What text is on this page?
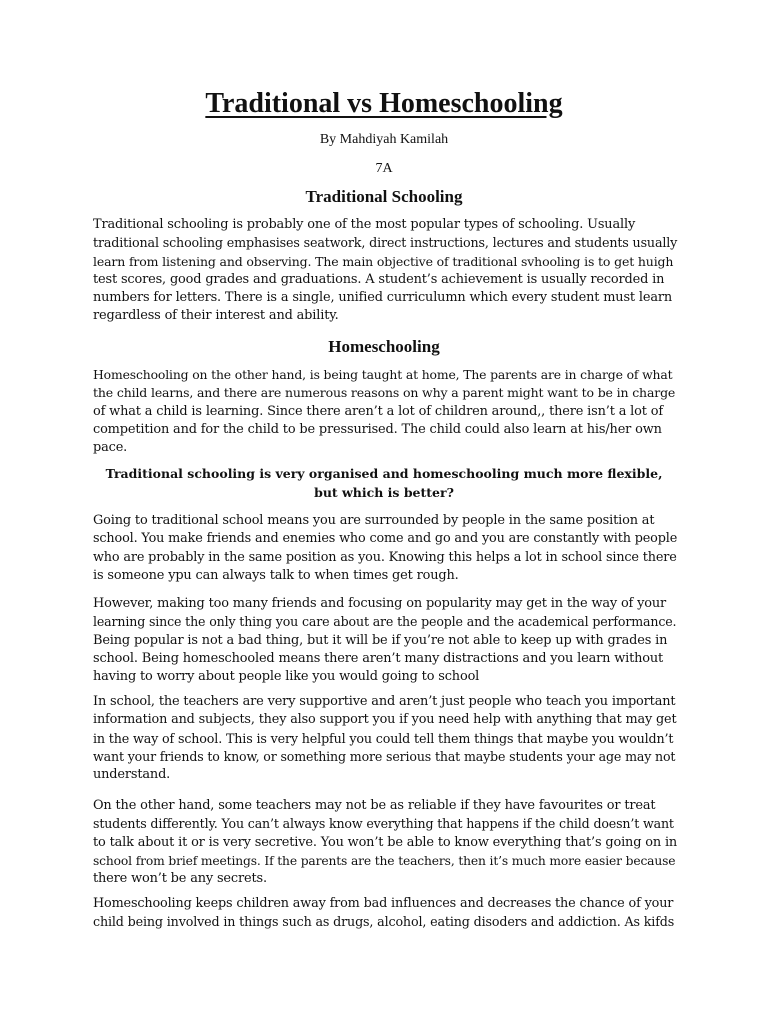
Traditional vs Homeschooling

By Mahdiyah Kamilah

7A

Traditional Schooling
Traditional schooling is probably one of the most popular types of schooling. Usually
traditional schooling emphasises seatwork, direct instructions, lectures and students usually
learn from listening and observing. The main objective of traditional svhooling is to get huigh
test scores, good grades and graduations. A student’s achievement is usually recorded in
numbers for letters. There is a single, unified curriculumn which every student must learn
regardless of their interest and ability.
Homeschooling
Homeschooling on the other hand, is being taught at home, The parents are in charge of what
the child learns, and there are numerous reasons on why a parent might want to be in charge
of what a child is learning. Since there aren’t a lot of children around,, there isn’t a lot of
competition and for the child to be pressurised. The child could also learn at his/her own
pace.

Traditional schooling is very organised and homeschooling much more flexible, but which is better?

Going to traditional school means you are surrounded by people in the same position at
school. You make friends and enemies who come and go and you are constantly with people
who are probably in the same position as you. Knowing this helps a lot in school since there
is someone ypu can always talk to when times get rough.
However, making too many friends and focusing on popularity may get in the way of your
learning since the only thing you care about are the people and the academical performance.
Being popular is not a bad thing, but it will be if you’re not able to keep up with grades in
school. Being homeschooled means there aren’t many distractions and you learn without
having to worry about people like you would going to school
In school, the teachers are very supportive and aren’t just people who teach you important
information and subjects, they also support you if you need help with anything that may get
in the way of school. This is very helpful you could tell them things that maybe you wouldn’t
want your friends to know, or something more serious that maybe students your age may not
understand.
On the other hand, some teachers may not be as reliable if they have favourites or treat
students differently. You can’t always know everything that happens if the child doesn’t want
to talk about it or is very secretive. You won’t be able to know everything that’s going on in
school from brief meetings. If the parents are the teachers, then it’s much more easier because
there won’t be any secrets.
Homeschooling keeps children away from bad influences and decreases the chance of your
child being involved in things such as drugs, alcohol, eating disoders and addiction. As kifds
